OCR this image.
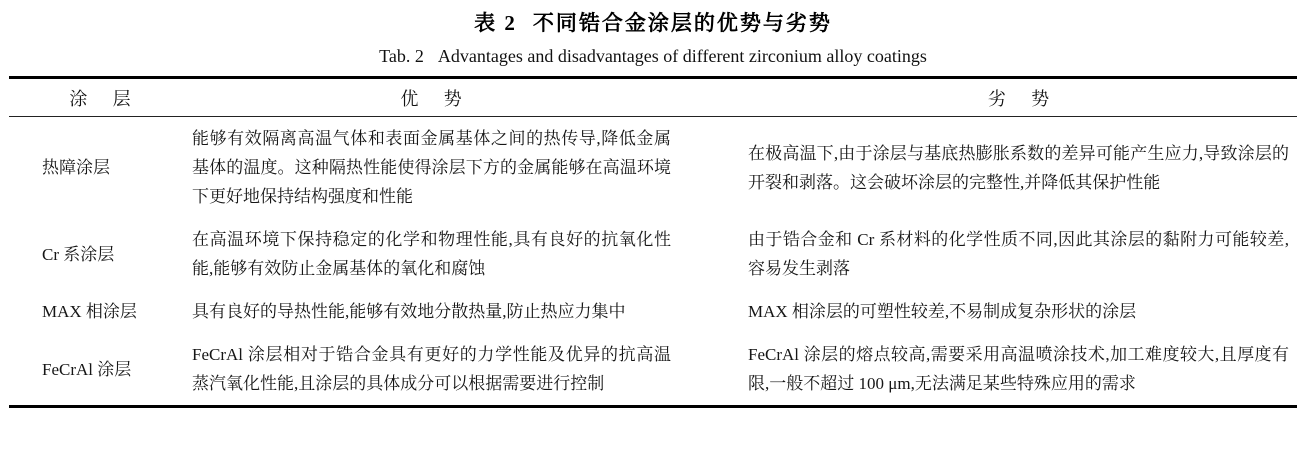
表 2 不同锆合金涂层的优势与劣势
Tab. 2 Advantages and disadvantages of different zirconium alloy coatings
涂 层	优 势	劣 势
热障涂层	能够有效隔离高温气体和表面金属基体之间的热传导,降低金属基体的温度。这种隔热性能使得涂层下方的金属能够在高温环境下更好地保持结构强度和性能	在极高温下,由于涂层与基底热膨胀系数的差异可能产生应力,导致涂层的开裂和剥落。这会破坏涂层的完整性,并降低其保护性能
Cr 系涂层	在高温环境下保持稳定的化学和物理性能,具有良好的抗氧化性能,能够有效防止金属基体的氧化和腐蚀	由于锆合金和 Cr 系材料的化学性质不同,因此其涂层的黏附力可能较差,容易发生剥落
MAX 相涂层	具有良好的导热性能,能够有效地分散热量,防止热应力集中	MAX 相涂层的可塑性较差,不易制成复杂形状的涂层
FeCrAl 涂层	FeCrAl 涂层相对于锆合金具有更好的力学性能及优异的抗高温蒸汽氧化性能,且涂层的具体成分可以根据需要进行控制	FeCrAl 涂层的熔点较高,需要采用高温喷涂技术,加工难度较大,且厚度有限,一般不超过 100 μm,无法满足某些特殊应用的需求
